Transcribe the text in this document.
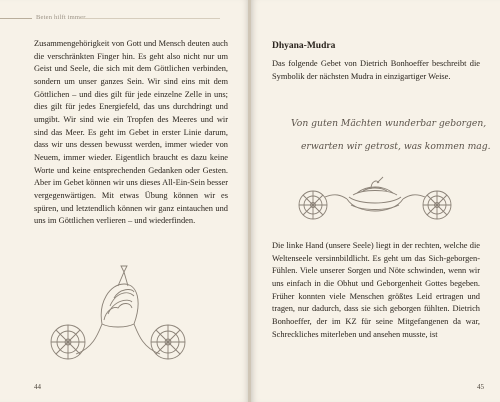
Beten hilft immer
Zusammengehörigkeit von Gott und Mensch deuten auch die verschränkten Finger hin. Es geht also nicht nur um Geist und Seele, die sich mit dem Göttlichen verbinden, sondern um unser ganzes Sein. Wir sind eins mit dem Göttlichen – und dies gilt für jede einzelne Zelle in uns; dies gilt für jedes Energiefeld, das uns durchdringt und umgibt. Wir sind wie ein Tropfen des Meeres und wir sind das Meer. Es geht im Gebet in erster Linie darum, dass wir uns dessen bewusst werden, immer wieder von Neuem, immer wieder. Eigentlich braucht es dazu keine Worte und keine entsprechenden Gedanken oder Gesten. Aber im Gebet können wir uns dieses All-Ein-Sein besser vergegenwärtigen. Mit etwas Übung können wir es spüren, und letztendlich können wir ganz eintauchen und uns im Göttlichen verlieren – und wiederfinden.
44
Dhyana-Mudra
Das folgende Gebet von Dietrich Bonhoeffer beschreibt die Symbolik der nächsten Mudra in einzigartiger Weise.
Von guten Mächten wunderbar geborgen,
erwarten wir getrost, was kommen mag.
Die linke Hand (unsere Seele) liegt in der rechten, welche die Weltenseele versinnbildlicht. Es geht um das Sich-geborgen-Fühlen. Viele unserer Sorgen und Nöte schwinden, wenn wir uns einfach in die Obhut und Geborgenheit Gottes begeben. Früher konnten viele Menschen größtes Leid ertragen und tragen, nur dadurch, dass sie sich geborgen fühlten. Dietrich Bonhoeffer, der im KZ für seine Mitgefangenen da war, Schreckliches miterleben und ansehen musste, ist
45
